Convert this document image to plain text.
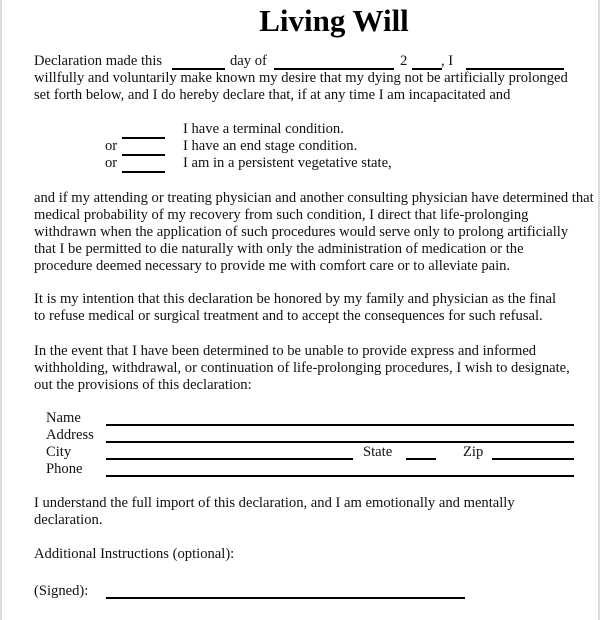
Living Will
Declaration made this	day of	2 , I
willfully and voluntarily make known my desire that my dying not be artificially prolonged
set forth below, and I do hereby declare that, if at any time I am incapacitated and
I have a terminal condition.
or	I have an end stage condition.
or	I am in a persistent vegetative state,
and if my attending or treating physician and another consulting physician have determined that
medical probability of my recovery from such condition, I direct that life-prolonging
withdrawn when the application of such procedures would serve only to prolong artificially
that I be permitted to die naturally with only the administration of medication or the
procedure deemed necessary to provide me with comfort care or to alleviate pain.
It is my intention that this declaration be honored by my family and physician as the final
to refuse medical or surgical treatment and to accept the consequences for such refusal.
In the event that I have been determined to be unable to provide express and informed
withholding, withdrawal, or continuation of life-prolonging procedures, I wish to designate,
out the provisions of this declaration:
Name
Address
City	State	Zip
Phone
I understand the full import of this declaration, and I am emotionally and mentally
declaration.
Additional Instructions (optional):
(Signed):
